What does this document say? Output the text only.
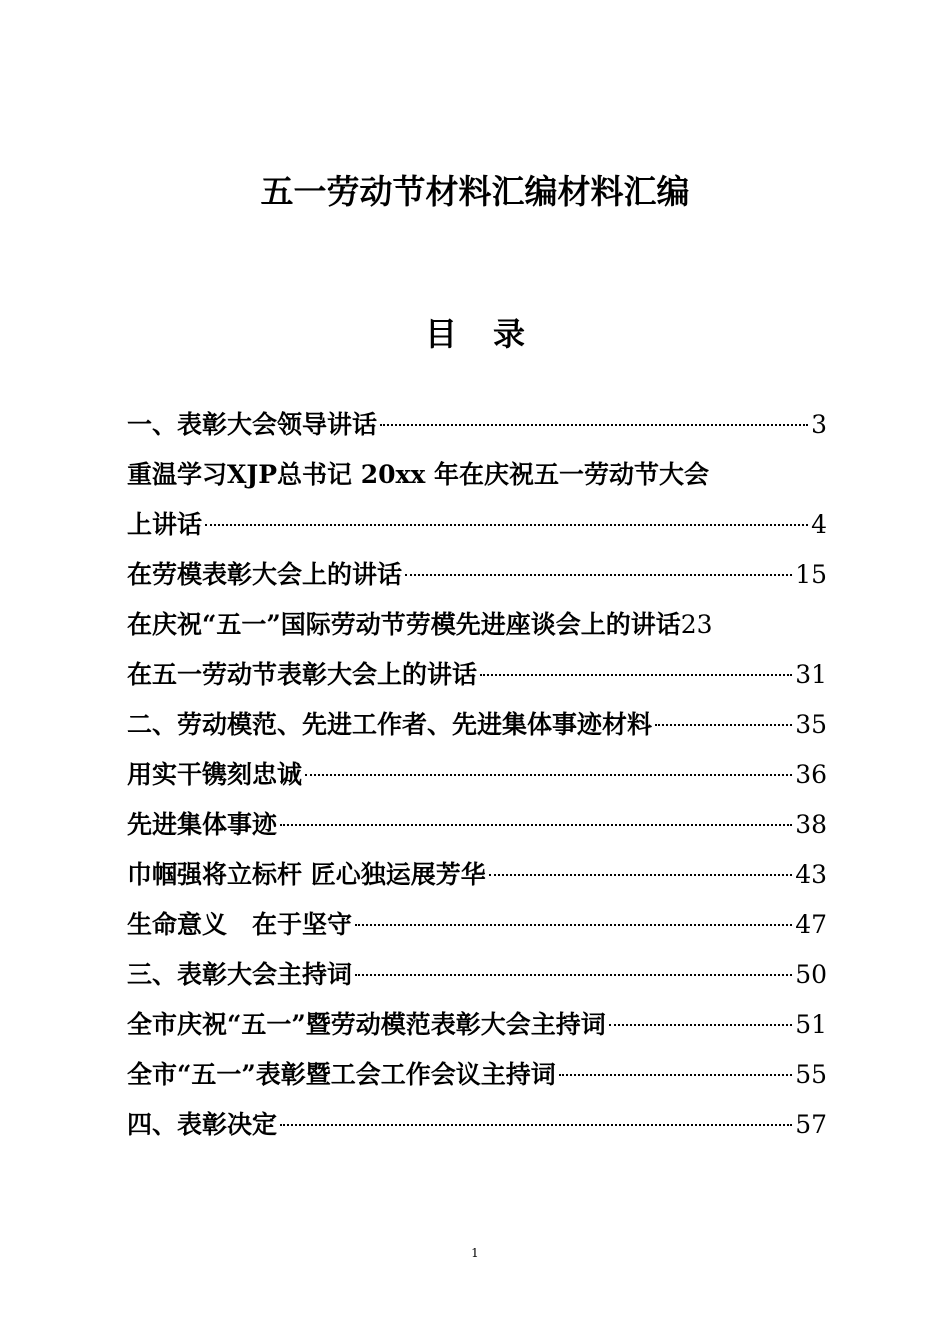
五一劳动节材料汇编材料汇编
目 录
一、表彰大会领导讲话	3
重温学习XJP总书记 20xx 年在庆祝五一劳动节大会
上讲话	4
在劳模表彰大会上的讲话	15
在庆祝“五一”国际劳动节劳模先进座谈会上的讲话 23
在五一劳动节表彰大会上的讲话	31
二、劳动模范、先进工作者、先进集体事迹材料	35
用实干镌刻忠诚	36
先进集体事迹	38
巾帼强将立标杆 匠心独运展芳华	43
生命意义　在于坚守	47
三、表彰大会主持词	50
全市庆祝“五一”暨劳动模范表彰大会主持词	51
全市“五一”表彰暨工会工作会议主持词	55
四、表彰决定	57
1
